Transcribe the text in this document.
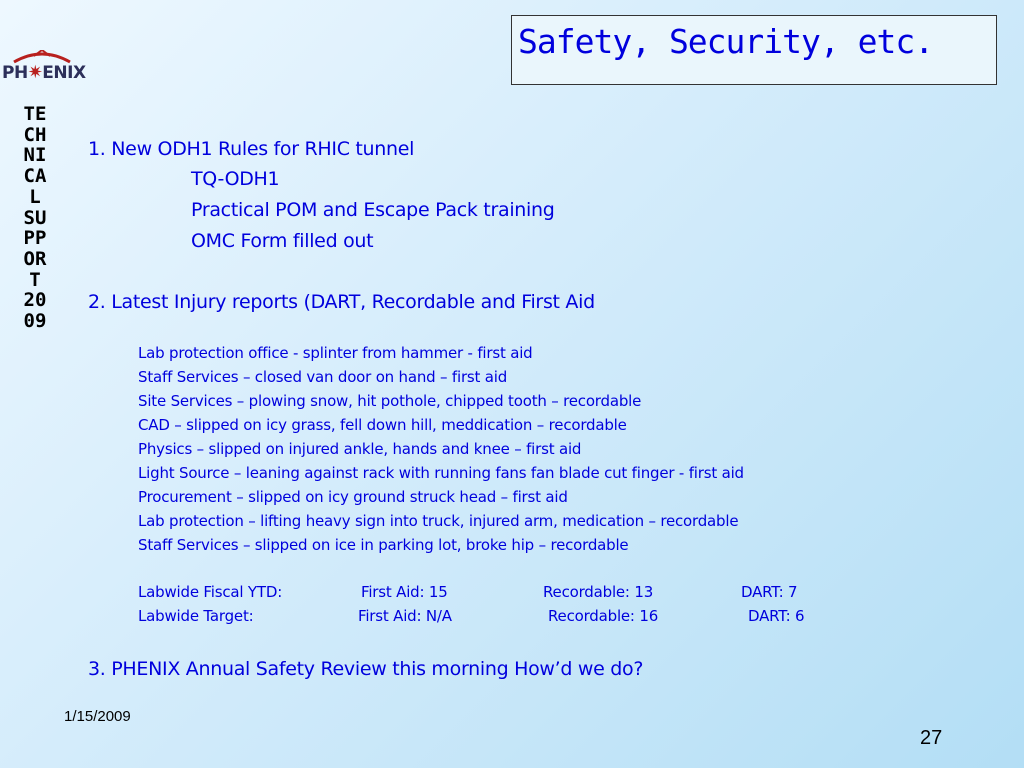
PH✷ENIX
TECHNICAL SUPPORT 2009
Safety, Security, etc.
1. New ODH1 Rules for RHIC tunnel
TQ-ODH1
Practical POM and Escape Pack training
OMC Form filled out
2. Latest Injury reports (DART, Recordable and First Aid
Lab protection office - splinter from hammer - first aid
Staff Services – closed van door on hand – first aid
Site Services – plowing snow, hit pothole, chipped tooth – recordable
CAD – slipped on icy grass, fell down hill, meddication – recordable
Physics – slipped on injured ankle, hands and knee – first aid
Light Source – leaning against rack with running fans fan blade cut finger - first aid
Procurement – slipped on icy ground struck head – first aid
Lab protection – lifting heavy sign into truck, injured arm, medication – recordable
Staff Services – slipped on ice in parking lot, broke hip – recordable
Labwide Fiscal YTD:	First Aid: 15	Recordable: 13	DART: 7
Labwide Target:	First Aid: N/A	Recordable: 16	DART: 6
3. PHENIX Annual Safety Review this morning How’d we do?
1/15/2009
27
